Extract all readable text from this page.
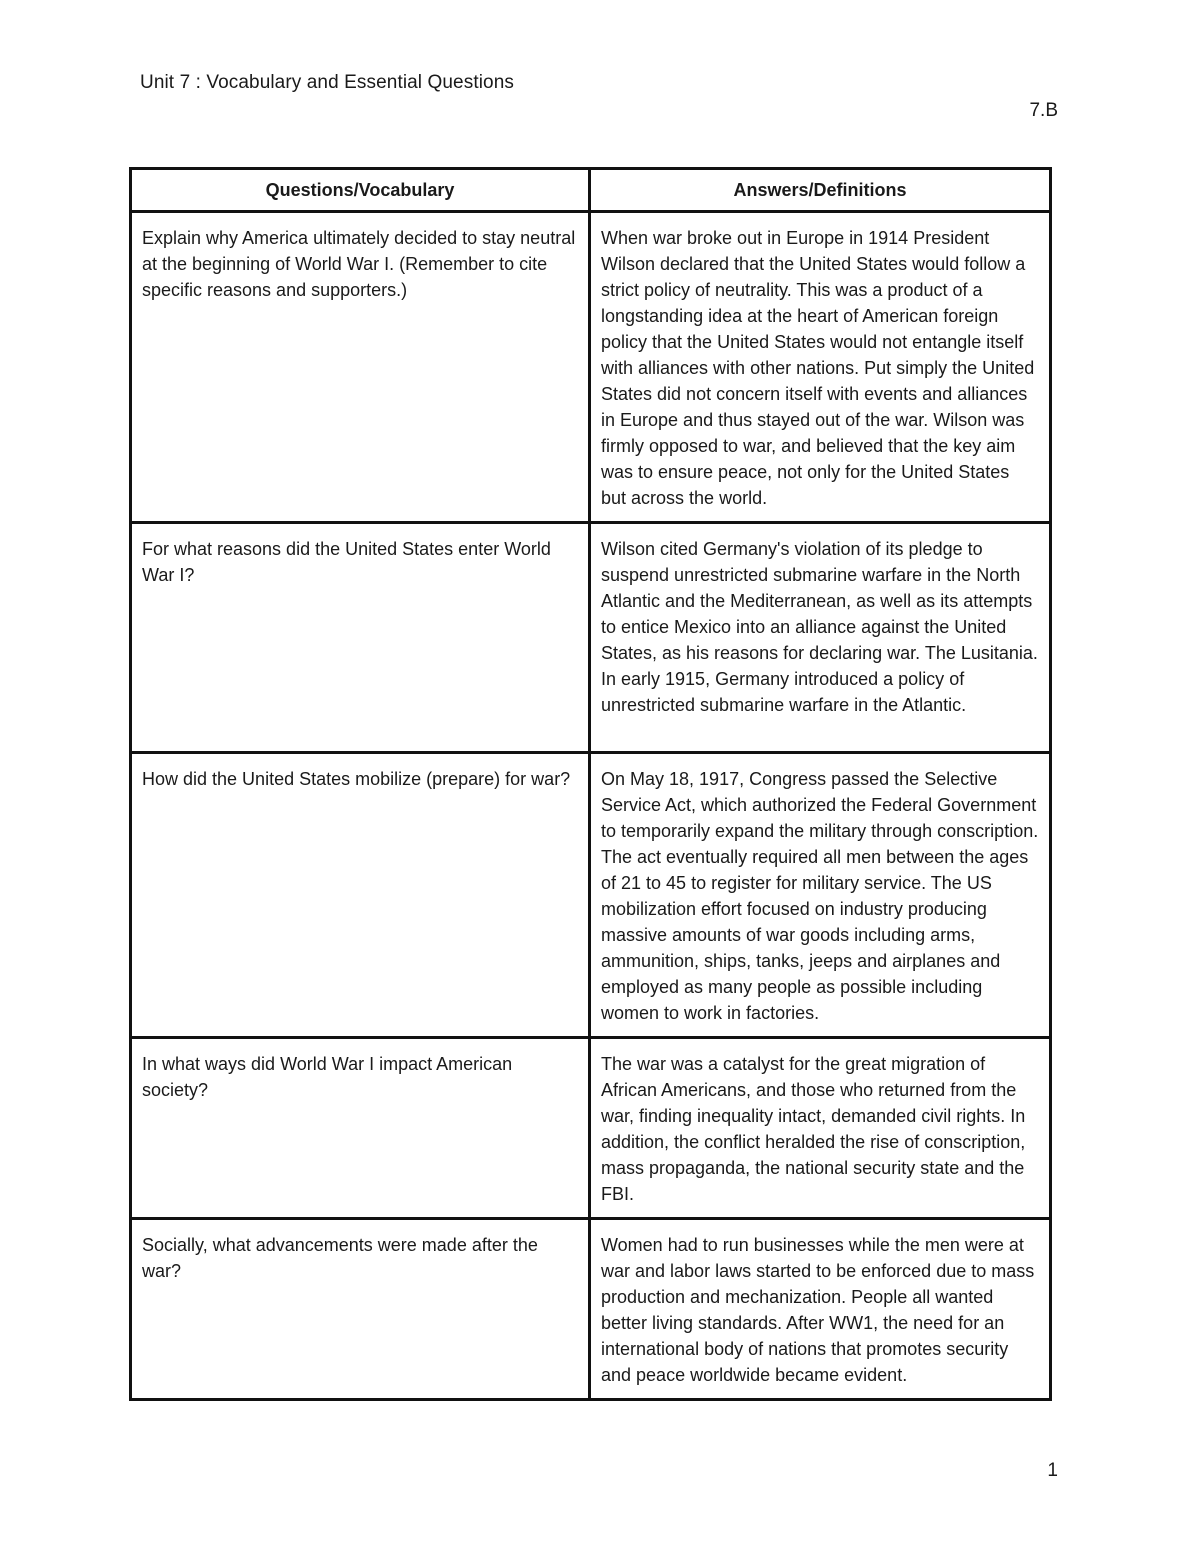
Unit 7 : Vocabulary and Essential Questions
7.B
Questions/Vocabulary	Answers/Definitions
Explain why America ultimately decided to stay neutral at the beginning of World War I. (Remember to cite specific reasons and supporters.)	When war broke out in Europe in 1914 President Wilson declared that the United States would follow a strict policy of neutrality. This was a product of a longstanding idea at the heart of American foreign policy that the United States would not entangle itself with alliances with other nations. Put simply the United States did not concern itself with events and alliances in Europe and thus stayed out of the war. Wilson was firmly opposed to war, and believed that the key aim was to ensure peace, not only for the United States but across the world.
For what reasons did the United States enter World War I?	Wilson cited Germany's violation of its pledge to suspend unrestricted submarine warfare in the North Atlantic and the Mediterranean, as well as its attempts to entice Mexico into an alliance against the United States, as his reasons for declaring war. The Lusitania. In early 1915, Germany introduced a policy of unrestricted submarine warfare in the Atlantic.
How did the United States mobilize (prepare) for war?	On May 18, 1917, Congress passed the Selective Service Act, which authorized the Federal Government to temporarily expand the military through conscription. The act eventually required all men between the ages of 21 to 45 to register for military service. The US mobilization effort focused on industry producing massive amounts of war goods including arms, ammunition, ships, tanks, jeeps and airplanes and employed as many people as possible including women to work in factories.
In what ways did World War I impact American society?	The war was a catalyst for the great migration of African Americans, and those who returned from the war, finding inequality intact, demanded civil rights. In addition, the conflict heralded the rise of conscription, mass propaganda, the national security state and the FBI.
Socially, what advancements were made after the war?	Women had to run businesses while the men were at war and labor laws started to be enforced due to mass production and mechanization. People all wanted better living standards. After WW1, the need for an international body of nations that promotes security and peace worldwide became evident.
1
